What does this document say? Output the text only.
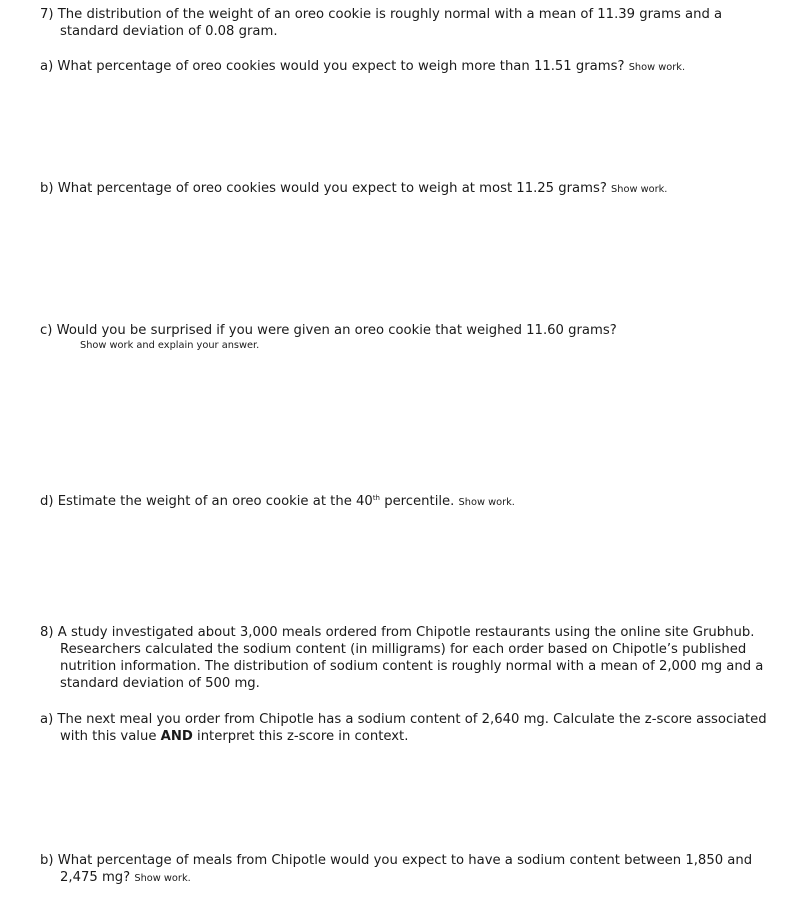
7) The distribution of the weight of an oreo cookie is roughly normal with a mean of 11.39 grams and a standard deviation of 0.08 gram.
a) What percentage of oreo cookies would you expect to weigh more than 11.51 grams? Show work.
b) What percentage of oreo cookies would you expect to weigh at most 11.25 grams? Show work.
c) Would you be surprised if you were given an oreo cookie that weighed 11.60 grams?
Show work and explain your answer.
d) Estimate the weight of an oreo cookie at the 40th percentile. Show work.
8) A study investigated about 3,000 meals ordered from Chipotle restaurants using the online site Grubhub. Researchers calculated the sodium content (in milligrams) for each order based on Chipotle’s published nutrition information. The distribution of sodium content is roughly normal with a mean of 2,000 mg and a standard deviation of 500 mg.
a) The next meal you order from Chipotle has a sodium content of 2,640 mg. Calculate the z-score associated with this value AND interpret this z-score in context.
b) What percentage of meals from Chipotle would you expect to have a sodium content between 1,850 and 2,475 mg? Show work.
